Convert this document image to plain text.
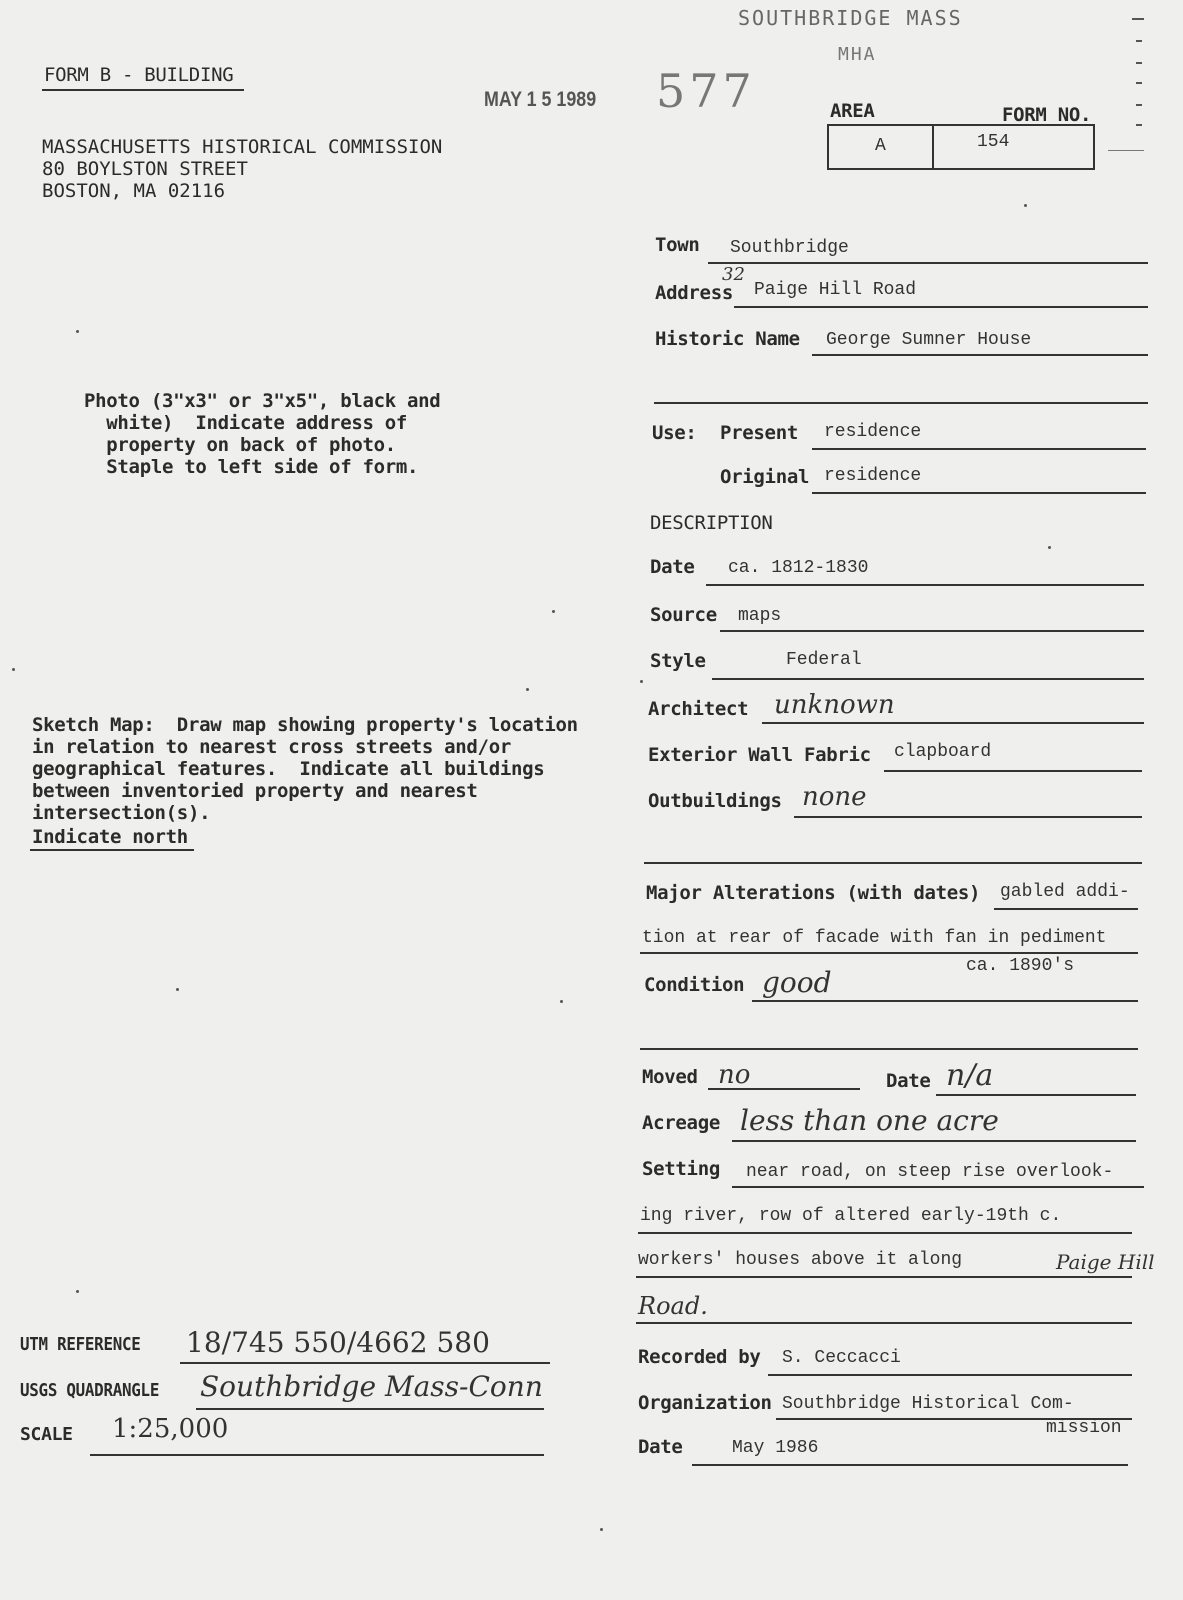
SOUTHBRIDGE MASS
MHA
FORM B - BUILDING
MAY 1 5 1989 577
MASSACHUSETTS HISTORICAL COMMISSION
80 BOYLSTON STREET
BOSTON, MA 02116
AREA	FORM NO.
A	154
Photo (3"x3" or 3"x5", black and
white)  Indicate address of
property on back of photo.
Staple to left side of form.
Sketch Map:  Draw map showing property's location
in relation to nearest cross streets and/or
geographical features.  Indicate all buildings
between inventoried property and nearest
intersection(s).
Indicate north
Town Southbridge
Address
32
Paige Hill Road
Historic Name George Sumner House
Use: Present residence
Original residence
DESCRIPTION
Date ca. 1812-1830
Source maps
Style	Federal
Architect unknown
Exterior Wall Fabric clapboard
Outbuildings none
Major Alterations (with dates) gabled addi-
tion at rear of facade with fan in pediment
ca. 1890's
Condition good
Moved no	Date n/a
Acreage less than one acre
Setting near road, on steep rise overlook-
ing river, row of altered early-19th c.
workers' houses above it along	Paige Hill
Road.
Recorded by S. Ceccacci
Organization Southbridge Historical Com-
mission
Date	May 1986
UTM REFERENCE 18/745 550/4662 580
USGS QUADRANGLE Southbridge Mass-Conn
SCALE 1:25,000
